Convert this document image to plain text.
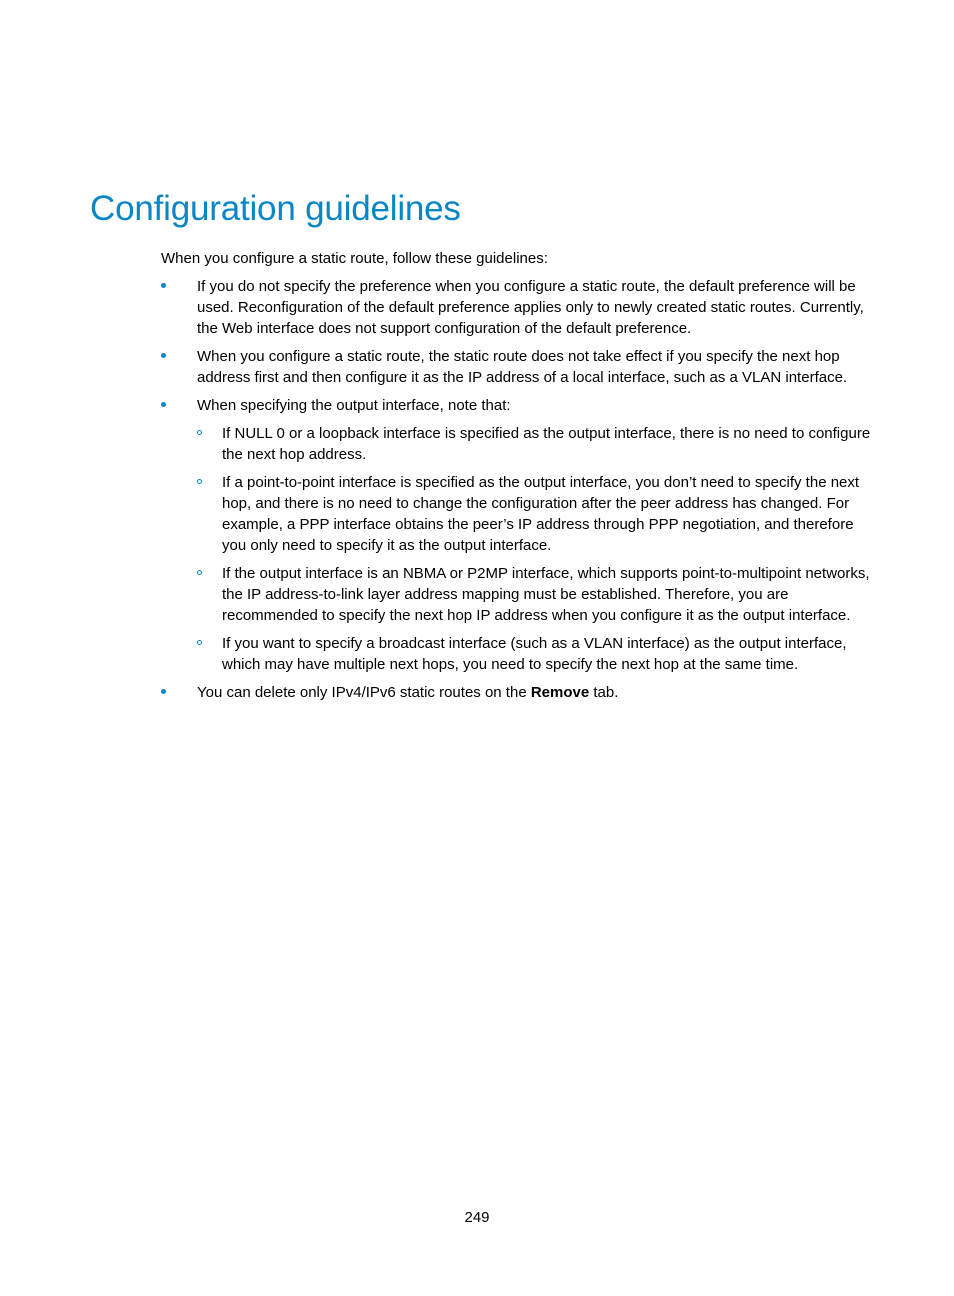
Configuration guidelines

When you configure a static route, follow these guidelines:

If you do not specify the preference when you configure a static route, the default preference will be used. Reconfiguration of the default preference applies only to newly created static routes. Currently, the Web interface does not support configuration of the default preference.
When you configure a static route, the static route does not take effect if you specify the next hop address first and then configure it as the IP address of a local interface, such as a VLAN interface.
When specifying the output interface, note that:
If NULL 0 or a loopback interface is specified as the output interface, there is no need to configure the next hop address.
If a point-to-point interface is specified as the output interface, you don’t need to specify the next hop, and there is no need to change the configuration after the peer address has changed. For example, a PPP interface obtains the peer’s IP address through PPP negotiation, and therefore you only need to specify it as the output interface.
If the output interface is an NBMA or P2MP interface, which supports point-to-multipoint networks, the IP address-to-link layer address mapping must be established. Therefore, you are recommended to specify the next hop IP address when you configure it as the output interface.
If you want to specify a broadcast interface (such as a VLAN interface) as the output interface, which may have multiple next hops, you need to specify the next hop at the same time.
You can delete only IPv4/IPv6 static routes on the Remove tab.
249
